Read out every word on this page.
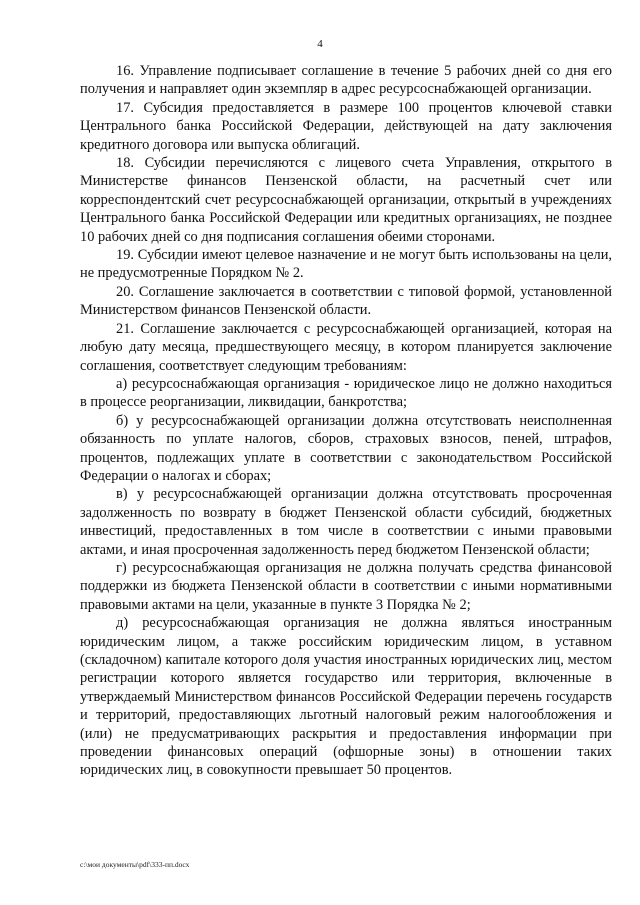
4

16. Управление подписывает соглашение в течение 5 рабочих дней со дня его получения и направляет один экземпляр в адрес ресурсоснабжающей организации.

17. Субсидия предоставляется в размере 100 процентов ключевой ставки Центрального банка Российской Федерации, действующей на дату заключения кредитного договора или выпуска облигаций.

18. Субсидии перечисляются с лицевого счета Управления, открытого в Министерстве финансов Пензенской области, на расчетный счет или корреспондентский счет ресурсоснабжающей организации, открытый в учреждениях Центрального банка Российской Федерации или кредитных организациях, не позднее 10 рабочих дней со дня подписания соглашения обеими сторонами.

19. Субсидии имеют целевое назначение и не могут быть использованы на цели, не предусмотренные Порядком № 2.

20. Соглашение заключается в соответствии с типовой формой, установленной Министерством финансов Пензенской области.

21. Соглашение заключается с ресурсоснабжающей организацией, которая на любую дату месяца, предшествующего месяцу, в котором планируется заключение соглашения, соответствует следующим требованиям:

а) ресурсоснабжающая организация - юридическое лицо не должно находиться в процессе реорганизации, ликвидации, банкротства;

б) у ресурсоснабжающей организации должна отсутствовать неисполненная обязанность по уплате налогов, сборов, страховых взносов, пеней, штрафов, процентов, подлежащих уплате в соответствии с законодательством Российской Федерации о налогах и сборах;

в) у ресурсоснабжающей организации должна отсутствовать просроченная задолженность по возврату в бюджет Пензенской области субсидий, бюджетных инвестиций, предоставленных в том числе в соответствии с иными правовыми актами, и иная просроченная задолженность перед бюджетом Пензенской области;

г) ресурсоснабжающая организация не должна получать средства финансовой поддержки из бюджета Пензенской области в соответствии с иными нормативными правовыми актами на цели, указанные в пункте 3 Порядка № 2;

д) ресурсоснабжающая организация не должна являться иностранным юридическим лицом, а также российским юридическим лицом, в уставном (складочном) капитале которого доля участия иностранных юридических лиц, местом регистрации которого является государство или территория, включенные в утверждаемый Министерством финансов Российской Федерации перечень государств и территорий, предоставляющих льготный налоговый режим налогообложения и (или) не предусматривающих раскрытия и предоставления информации при проведении финансовых операций (офшорные зоны) в отношении таких юридических лиц, в совокупности превышает 50 процентов.

c:\мои документы\pdf\333-пп.docx
